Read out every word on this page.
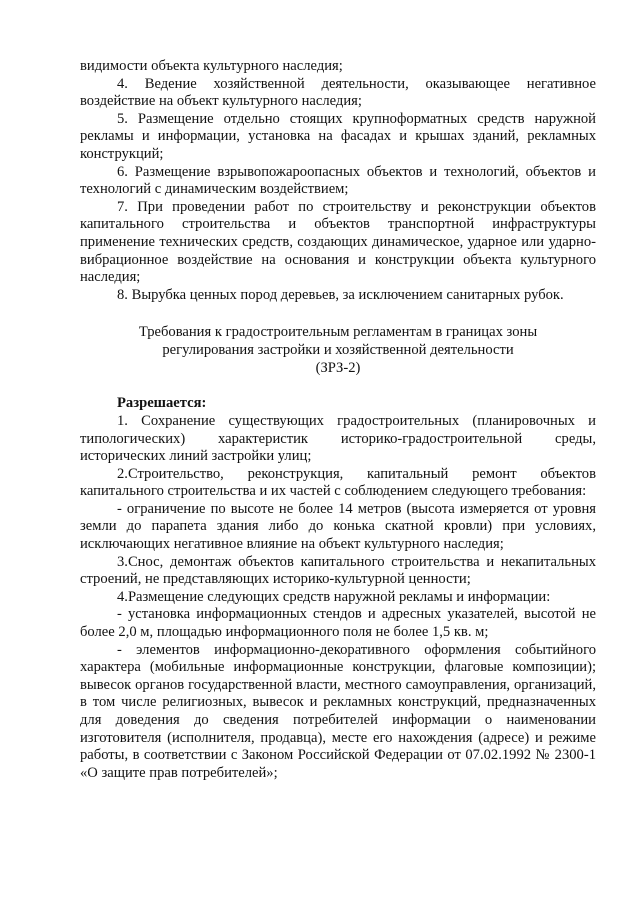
видимости объекта культурного наследия;

4. Ведение хозяйственной деятельности, оказывающее негативное воздействие на объект культурного наследия;

5. Размещение отдельно стоящих крупноформатных средств наружной рекламы и информации, установка на фасадах и крышах зданий, рекламных конструкций;

6. Размещение взрывопожароопасных объектов и технологий, объектов и технологий с динамическим воздействием;

7. При проведении работ по строительству и реконструкции объектов капитального строительства и объектов транспортной инфраструктуры применение технических средств, создающих динамическое, ударное или ударно-вибрационное воздействие на основания и конструкции объекта культурного наследия;

8. Вырубка ценных пород деревьев, за исключением санитарных рубок.

Требования к градостроительным регламентам в границах зоны

регулирования застройки и хозяйственной деятельности

(ЗРЗ-2)

Разрешается:

1. Сохранение существующих градостроительных (планировочных и типологических) характеристик историко-градостроительной среды, исторических линий застройки улиц;

2.Строительство, реконструкция, капитальный ремонт объектов капитального строительства и их частей с соблюдением следующего требования:

- ограничение по высоте не более 14 метров (высота измеряется от уровня земли до парапета здания либо до конька скатной кровли) при условиях, исключающих негативное влияние на объект культурного наследия;

3.Снос, демонтаж объектов капитального строительства и некапитальных строений, не представляющих историко-культурной ценности;

4.Размещение следующих средств наружной рекламы и информации:

- установка информационных стендов и адресных указателей, высотой не более 2,0 м, площадью информационного поля не более 1,5 кв. м;

- элементов информационно-декоративного оформления событийного характера (мобильные информационные конструкции, флаговые композиции); вывесок органов государственной власти, местного самоуправления, организаций, в том числе религиозных, вывесок и рекламных конструкций, предназначенных для доведения до сведения потребителей информации о наименовании изготовителя (исполнителя, продавца), месте его нахождения (адресе) и режиме работы, в соответствии с Законом Российской Федерации от 07.02.1992 № 2300-1 «О защите прав потребителей»;
